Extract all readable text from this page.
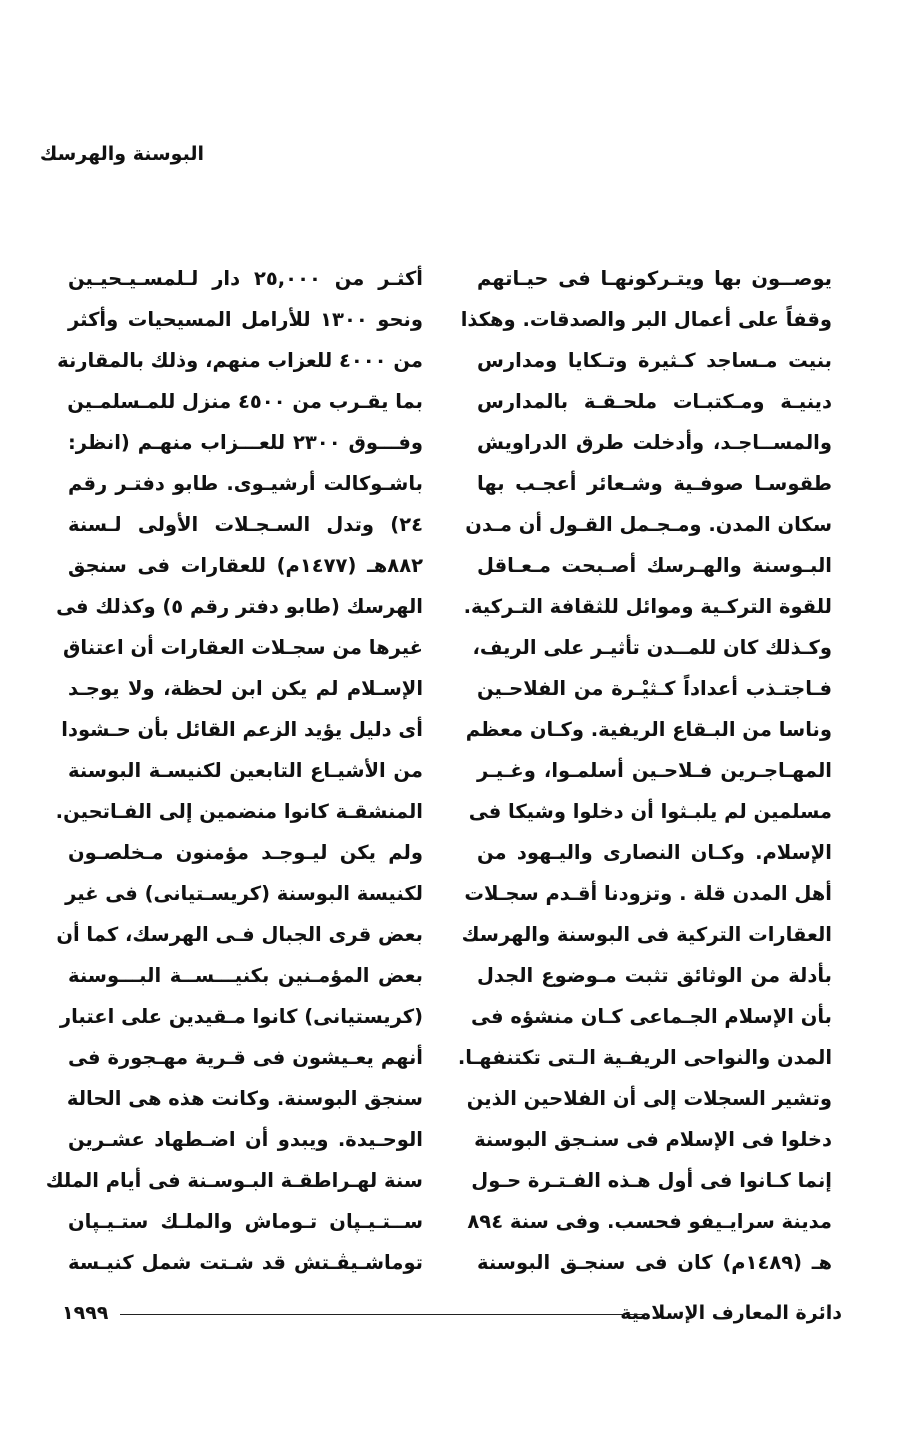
البوسنة والهرسك
يوصــون بها ويتـركونهـا فى حيـاتهم
وقفاً على أعمال البر والصدقات. وهكذا
بنيت مـساجد كـثيرة وتـكايا ومدارس
دينيـة ومـكتبـات ملحـقـة بالمدارس
والمســاجـد، وأدخلت طرق الدراويش
طقوسـا صوفـية وشـعائر أعجـب بها
سكان المدن. ومـجـمل القـول أن مـدن
البـوسنة والهـرسك أصـبحت مـعـاقل
للقوة التركـية وموائل للثقافة التـركية.
وكـذلك كان للمــدن تأثيـر على الريف،
فـاجتـذب أعداداً كـثيْـرة من الفلاحـين
وناسا من البـقاع الريفية. وكـان معظم
المهـاجـرين فـلاحـين أسلمـوا، وغـيـر
مسلمين لم يلبـثوا أن دخلوا وشيكا فى
الإسلام. وكـان النصارى واليـهود من
أهل المدن قلة . وتزودنا أقـدم سجـلات
العقارات التركية فى البوسنة والهرسك
بأدلة من الوثائق تثبت مـوضوع الجدل
بأن الإسلام الجـماعى كـان منشؤه فى
المدن والنواحى الريفـية الـتى تكتنفهـا.
وتشير السجلات إلى أن الفلاحين الذين
دخلوا فى الإسلام فى سنـجق البوسنة
إنما كـانوا فى أول هـذه الفـتـرة حـول
مدينة سرايـيفو فحسب. وفى سنة ٨٩٤
هـ (١٤٨٩م) كان فى سنجـق البوسنة
أكثـر من ٢٥,٠٠٠ دار لـلمسـيـحيـين
ونحو ١٣٠٠ للأرامل المسيحيات وأكثر
من ٤٠٠٠ للعزاب منهم، وذلك بالمقارنة
بما يقـرب من ٤٥٠٠ منزل للمـسلمـين
وفـــوق ٢٣٠٠ للعـــزاب منهـم (انظر:
باشـوكالت أرشيـوى. طابو دفتـر رقم
٢٤) وتدل السـجـلات الأولى لـسنة
٨٨٢هـ (١٤٧٧م) للعقارات فى سنجق
الهرسك (طابو دفتر رقم ٥) وكذلك فى
غيرها من سجـلات العقارات أن اعتناق
الإسـلام لم يكن ابن لحظة، ولا يوجـد
أى دليل يؤيد الزعم القائل بأن حـشودا
من الأشيـاع التابعين لكنيسـة البوسنة
المنشقـة كانوا منضمين إلى الفـاتحين.
ولم يكن ليـوجـد مؤمنون مـخلصـون
لكنيسة البوسنة (كريسـتيانى) فى غير
بعض قرى الجبال فـى الهرسك، كما أن
بعض المؤمـنين بكنيـــســة البـــوسنة
(كريستيانى) كانوا مـقيدين على اعتبار
أنهم يعـيشون فى قـرية مهـجورة فى
سنجق البوسنة. وكانت هذه هى الحالة
الوحـيدة. ويبدو أن اضـطهاد عشـرين
سنة لهـراطقـة البـوسـنة فى أيام الملك
ســتـيـپان تـوماش والملـك ستـيـپان
توماشـيڤـتش قد شـتت شمل كنيـسة
دائرة المعارف الإسلامية
١٩٩٩
